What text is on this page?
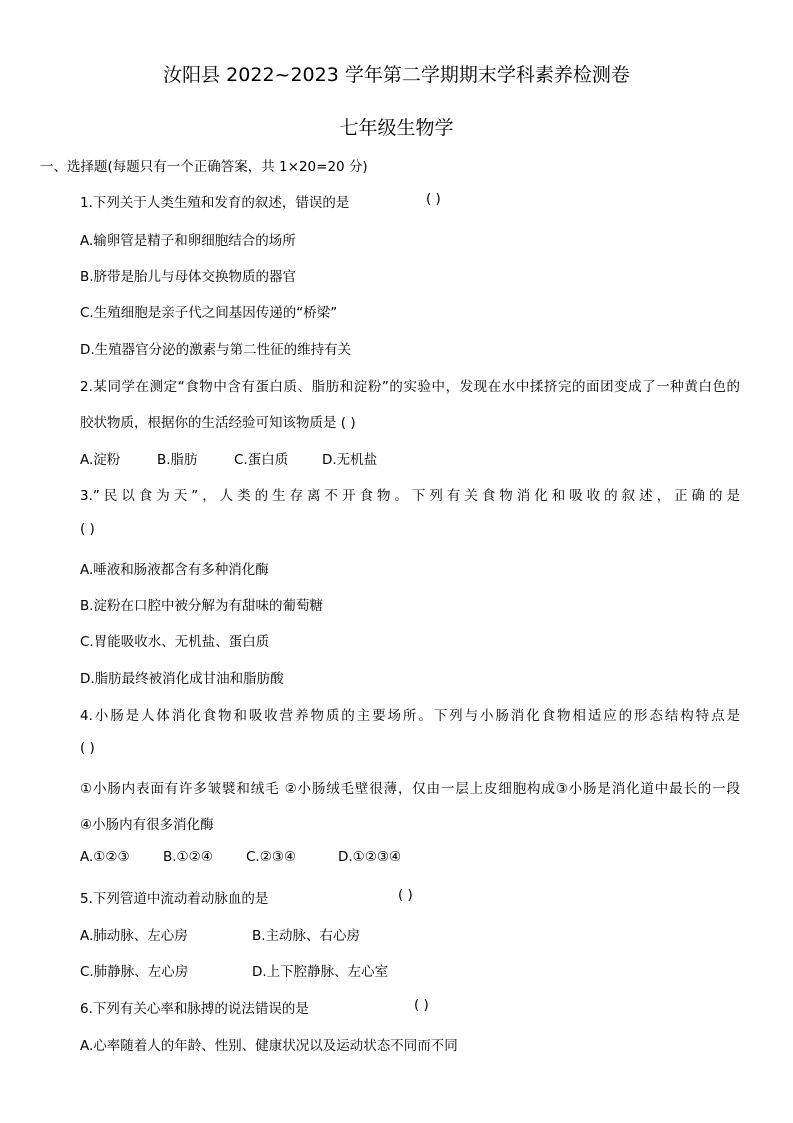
汝阳县 2022~2023 学年第二学期期末学科素养检测卷
七年级生物学
一、选择题(每题只有一个正确答案，共 1×20=20 分)
1.下列关于人类生殖和发育的叙述，错误的是	( )
A.输卵管是精子和卵细胞结合的场所
B.脐带是胎儿与母体交换物质的器官
C.生殖细胞是亲子代之间基因传递的“桥梁”
D.生殖器官分泌的激素与第二性征的维持有关
2.某同学在测定“食物中含有蛋白质、脂肪和淀粉”的实验中，发现在水中揉挤完的面团变成了一种黄白色的
胶状物质，根据你的生活经验可知该物质是 ( )
A.淀粉	B.脂肪	C.蛋白质	D.无机盐
3.”民以食为天”，人类的生存离不开食物。下列有关食物消化和吸收的叙述，正确的是
( )
A.唾液和肠液都含有多种消化酶
B.淀粉在口腔中被分解为有甜味的葡萄糖
C.胃能吸收水、无机盐、蛋白质
D.脂肪最终被消化成甘油和脂肪酸
4.小肠是人体消化食物和吸收营养物质的主要场所。下列与小肠消化食物相适应的形态结构特点是
( )
①小肠内表面有许多皱襞和绒毛 ②小肠绒毛壁很薄，仅由一层上皮细胞构成③小肠是消化道中最长的一段
④小肠内有很多消化酶
A.①②③ B.①②④ C.②③④	D.①②③④
5.下列管道中流动着动脉血的是	( )
A.肺动脉、左心房	B.主动脉、右心房
C.肺静脉、左心房	D.上下腔静脉、左心室
6.下列有关心率和脉搏的说法错误的是	( )
A.心率随着人的年龄、性别、健康状况以及运动状态不同而不同
